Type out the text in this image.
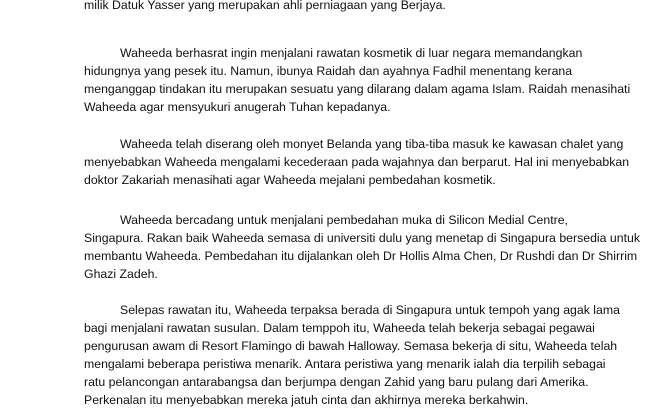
milik Datuk Yasser yang merupakan ahli perniagaan yang Berjaya.
Waheeda berhasrat ingin menjalani rawatan kosmetik di luar negara memandangkan
hidungnya yang pesek itu. Namun, ibunya Raidah dan ayahnya Fadhil menentang kerana
menganggap tindakan itu merupakan sesuatu yang dilarang dalam agama Islam. Raidah menasihati
Waheeda agar mensyukuri anugerah Tuhan kepadanya.
Waheeda telah diserang oleh monyet Belanda yang tiba-tiba masuk ke kawasan chalet yang
menyebabkan Waheeda mengalami kecederaan pada wajahnya dan berparut. Hal ini menyebabkan
doktor Zakariah menasihati agar Waheeda mejalani pembedahan kosmetik.
Waheeda bercadang untuk menjalani pembedahan muka di Silicon Medial Centre,
Singapura. Rakan baik Waheeda semasa di universiti dulu yang menetap di Singapura bersedia untuk
membantu Waheeda. Pembedahan itu dijalankan oleh Dr Hollis Alma Chen, Dr Rushdi dan Dr Shirrim
Ghazi Zadeh.
Selepas rawatan itu, Waheeda terpaksa berada di Singapura untuk tempoh yang agak lama
bagi menjalani rawatan susulan. Dalam temppoh itu, Waheeda telah bekerja sebagai pegawai
pengurusan awam di Resort Flamingo di bawah Halloway. Semasa bekerja di situ, Waheeda telah
mengalami beberapa peristiwa menarik. Antara peristiwa yang menarik ialah dia terpilih sebagai
ratu pelancongan antarabangsa dan berjumpa dengan Zahid yang baru pulang dari Amerika.
Perkenalan itu menyebabkan mereka jatuh cinta dan akhirnya mereka berkahwin.
